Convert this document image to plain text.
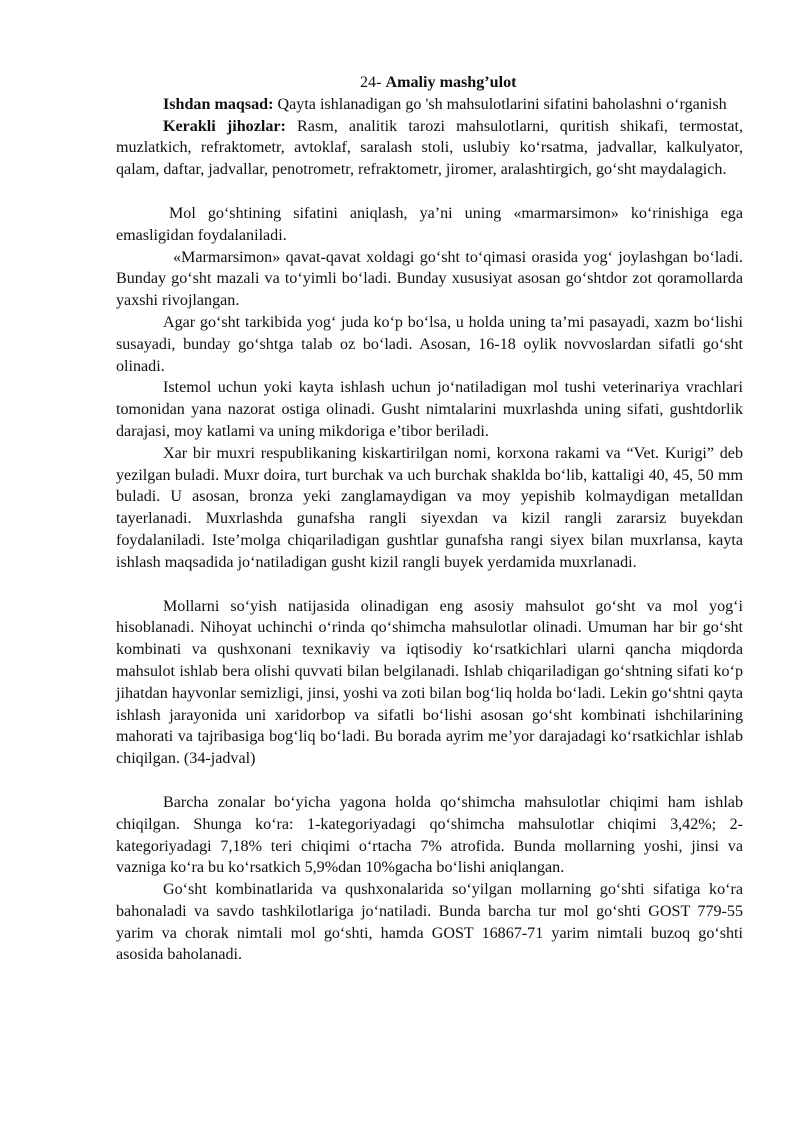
24- Amaliy mashg’ulot

Ishdan maqsad: Qayta ishlanadigan go 'sh mahsulotlarini sifatini baholashni o‘rganish

Kerakli jihozlar: Rasm, analitik tarozi mahsulotlarni, quritish shikafi, termostat, muzlatkich, refraktometr, avtoklaf, saralash stoli, uslubiy ko‘rsatma, jadvallar, kalkulyator, qalam, daftar, jadvallar, penotrometr, refraktometr, jiromer, aralashtirgich, go‘sht maydalagich.

Mol go‘shtining sifatini aniqlash, ya’ni uning «marmarsimon» ko‘rinishiga ega emasligidan foydalaniladi.

«Marmarsimon» qavat-qavat xoldagi go‘sht to‘qimasi orasida yog‘ joylashgan bo‘ladi. Bunday go‘sht mazali va to‘yimli bo‘ladi. Bunday xususiyat asosan go‘shtdor zot qoramollarda yaxshi rivojlangan.

Agar go‘sht tarkibida yog‘ juda ko‘p bo‘lsa, u holda uning ta’mi pasayadi, xazm bo‘lishi susayadi, bunday go‘shtga talab oz bo‘ladi. Asosan, 16-18 oylik novvoslardan sifatli go‘sht olinadi.

Istemol uchun yoki kayta ishlash uchun jo‘natiladigan mol tushi veterinariya vrachlari tomonidan yana nazorat ostiga olinadi. Gusht nimtalarini muxrlashda uning sifati, gushtdorlik darajasi, moy katlami va uning mikdoriga e’tibor beriladi.

Xar bir muxri respublikaning kiskartirilgan nomi, korxona rakami va “Vet. Kurigi” deb yezilgan buladi. Muxr doira, turt burchak va uch burchak shaklda bo‘lib, kattaligi 40, 45, 50 mm buladi. U asosan, bronza yeki zanglamaydigan va moy yepishib kolmaydigan metalldan tayerlanadi. Muxrlashda gunafsha rangli siyexdan va kizil rangli zararsiz buyekdan foydalaniladi. Iste’molga chiqariladigan gushtlar gunafsha rangi siyex bilan muxrlansa, kayta ishlash maqsadida jo‘natiladigan gusht kizil rangli buyek yerdamida muxrlanadi.

Mollarni so‘yish natijasida olinadigan eng asosiy mahsulot go‘sht va mol yog‘i hisoblanadi. Nihoyat uchinchi o‘rinda qo‘shimcha mahsulotlar olinadi. Umuman har bir go‘sht kombinati va qushxonani texnikaviy va iqtisodiy ko‘rsatkichlari ularni qancha miqdorda mahsulot ishlab bera olishi quvvati bilan belgilanadi. Ishlab chiqariladigan go‘shtning sifati ko‘p jihatdan hayvonlar semizligi, jinsi, yoshi va zoti bilan bog‘liq holda bo‘ladi. Lekin go‘shtni qayta ishlash jarayonida uni xaridorbop va sifatli bo‘lishi asosan go‘sht kombinati ishchilarining mahorati va tajribasiga bog‘liq bo‘ladi. Bu borada ayrim me’yor darajadagi ko‘rsatkichlar ishlab chiqilgan. (34-jadval)

Barcha zonalar bo‘yicha yagona holda qo‘shimcha mahsulotlar chiqimi ham ishlab chiqilgan. Shunga ko‘ra: 1-kategoriyadagi qo‘shimcha mahsulotlar chiqimi 3,42%; 2-kategoriyadagi 7,18% teri chiqimi o‘rtacha 7% atrofida. Bunda mollarning yoshi, jinsi va vazniga ko‘ra bu ko‘rsatkich 5,9%dan 10%gacha bo‘lishi aniqlangan.

Go‘sht kombinatlarida va qushxonalarida so‘yilgan mollarning go‘shti sifatiga ko‘ra bahonaladi va savdo tashkilotlariga jo‘natiladi. Bunda barcha tur mol go‘shti GOST 779-55 yarim va chorak nimtali mol go‘shti, hamda GOST 16867-71 yarim nimtali buzoq go‘shti asosida baholanadi.
